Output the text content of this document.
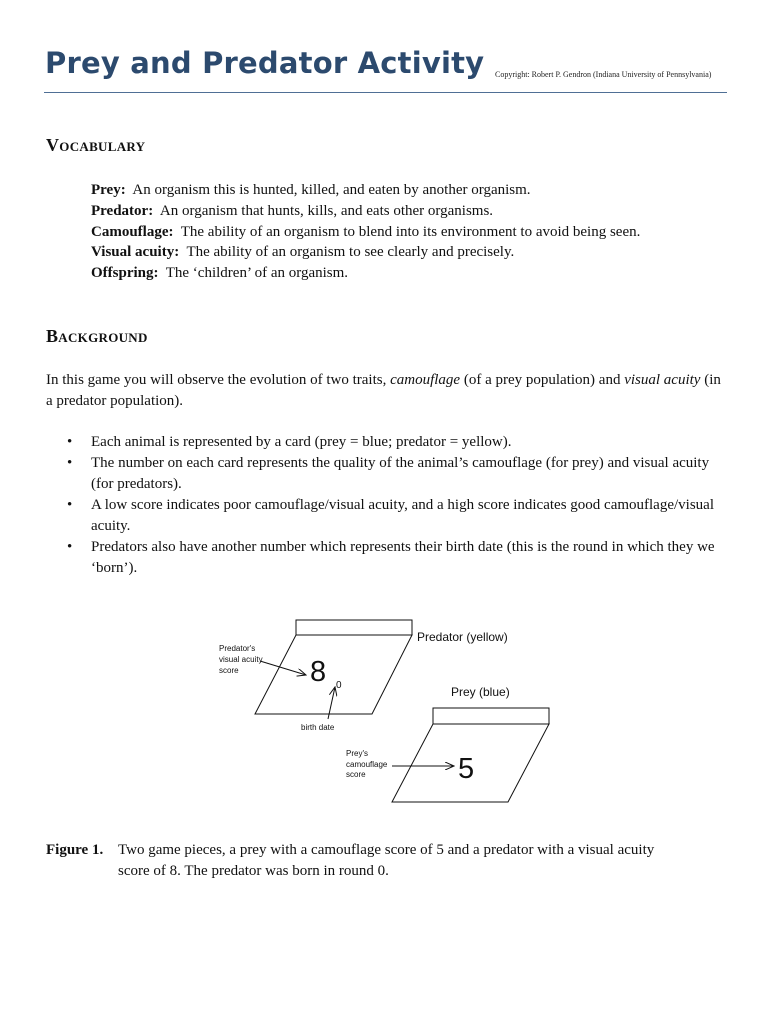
Prey and Predator Activity Copyright: Robert P. Gendron (Indiana University of Pennsylvania)
Vocabulary
Prey: An organism this is hunted, killed, and eaten by another organism.
Predator: An organism that hunts, kills, and eats other organisms.
Camouflage: The ability of an organism to blend into its environment to avoid being seen.
Visual acuity: The ability of an organism to see clearly and precisely.
Offspring: The ‘children’ of an organism.
Background
In this game you will observe the evolution of two traits, camouflage (of a prey population) and visual acuity (in a predator population).
• Each animal is represented by a card (prey = blue; predator = yellow).
• The number on each card represents the quality of the animal’s camouflage (for prey) and visual acuity (for predators).
• A low score indicates poor camouflage/visual acuity, and a high score indicates good camouflage/visual acuity.
• Predators also have another number which represents their birth date (this is the round in which they we ‘born’).
Predator (yellow)
8 0
Predator's visual acuity score
birth date
Prey (blue)
5
Prey's camouflage score
Figure 1. Two game pieces, a prey with a camouflage score of 5 and a predator with a visual acuity
score of 8. The predator was born in round 0.
